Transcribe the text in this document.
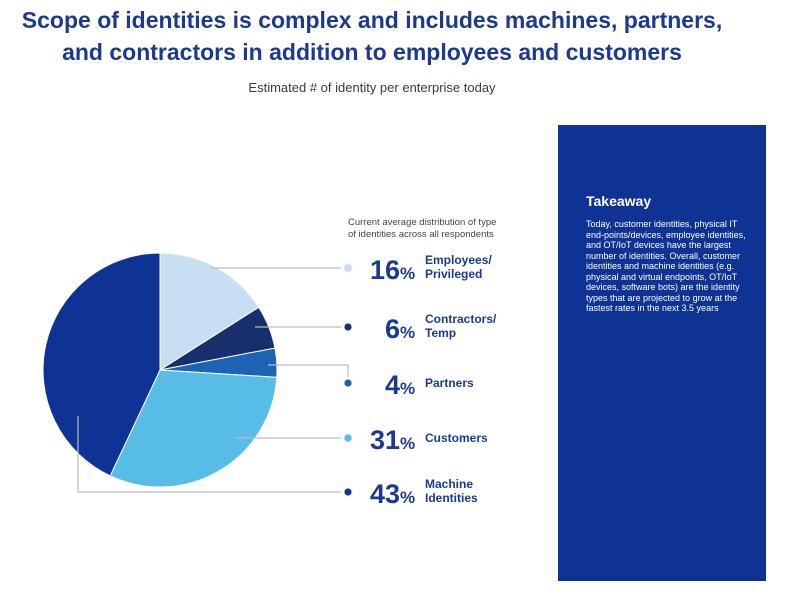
Scope of identities is complex and includes machines, partners,
and contractors in addition to employees and customers
Estimated # of identity per enterprise today
Current average distribution of type
of identities across all respondents
16 %
Employees/
Privileged
6 %
Contractors/
Temp
4 % Partners
31 % Customers
43 %
Machine
Identities
Takeaway

Today, customer identities, physical IT end-points/devices, employee identities, and OT/IoT devices have the largest number of identities. Overall, customer identities and machine identities (e.g. physical and virtual endpoints, OT/IoT devices, software bots) are the identity types that are projected to grow at the fastest rates in the next 3.5 years
